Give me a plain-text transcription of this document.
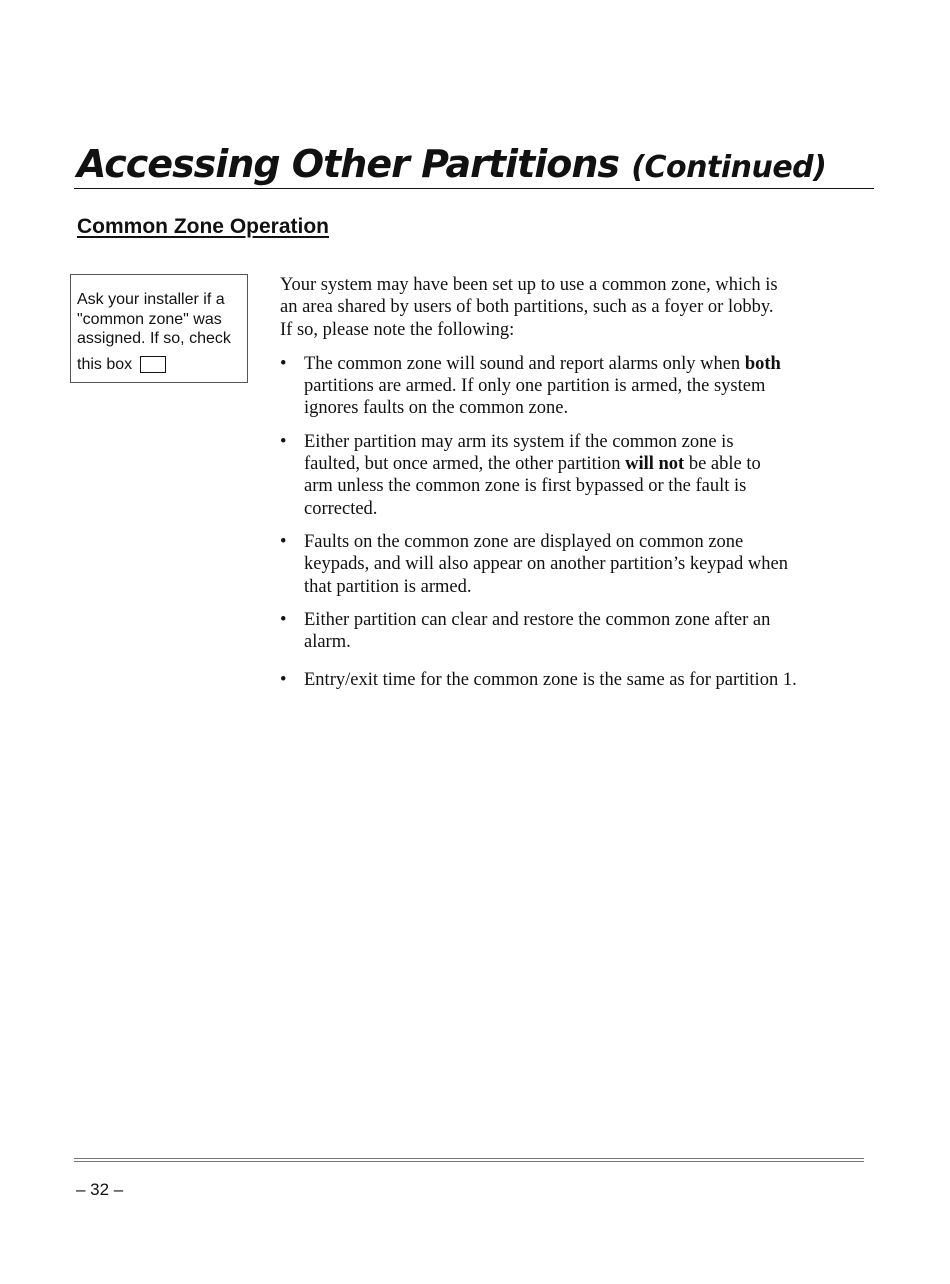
Accessing Other Partitions (Continued)
Common Zone Operation
Ask your installer if a
"common zone" was
assigned. If so, check
this box

Your system may have been set up to use a common zone, which is
an area shared by users of both partitions, such as a foyer or lobby.
If so, please note the following:

• The common zone will sound and report alarms only when both
partitions are armed. If only one partition is armed, the system
ignores faults on the common zone.
• Either partition may arm its system if the common zone is
faulted, but once armed, the other partition will not be able to
arm unless the common zone is first bypassed or the fault is
corrected.
• Faults on the common zone are displayed on common zone
keypads, and will also appear on another partition’s keypad when
that partition is armed.
• Either partition can clear and restore the common zone after an
alarm.
• Entry/exit time for the common zone is the same as for partition 1.
– 32 –
